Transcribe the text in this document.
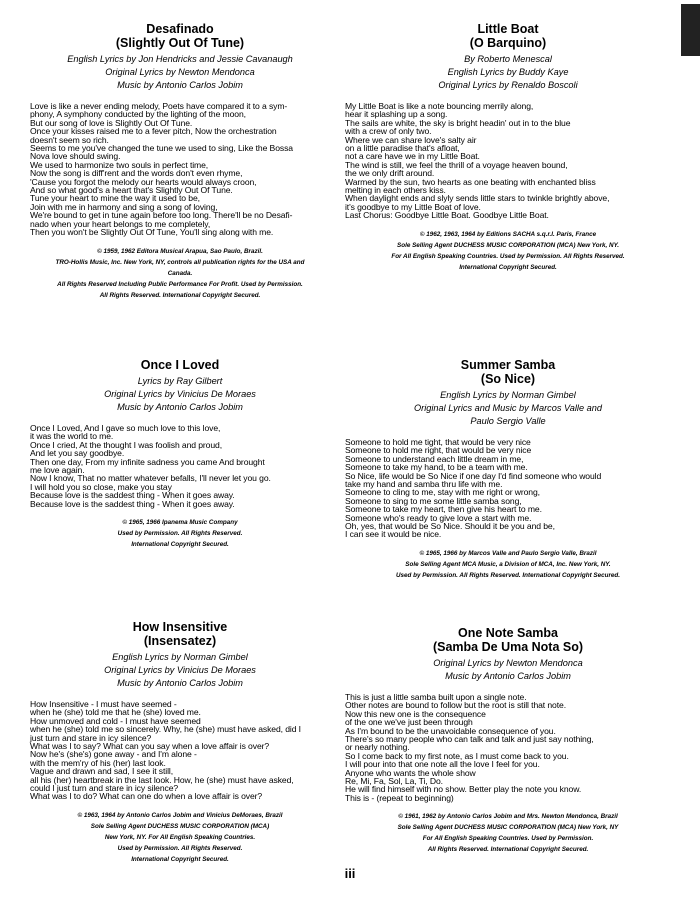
Desafinado
(Slightly Out Of Tune)
English Lyrics by Jon Hendricks and Jessie Cavanaugh
Original Lyrics by Newton Mendonca
Music by Antonio Carlos Jobim
Love is like a never ending melody, Poets have compared it to a sym-
phony, A symphony conducted by the lighting of the moon,
But our song of love is Slightly Out Of Tune.
Once your kisses raised me to a fever pitch, Now the orchestration
doesn't seem so rich.
Seems to me you've changed the tune we used to sing, Like the Bossa
Nova love should swing.
We used to harmonize two souls in perfect time,
Now the song is diff'rent and the words don't even rhyme,
'Cause you forgot the melody our hearts would always croon,
And so what good's a heart that's Slightly Out Of Tune.
Tune your heart to mine the way it used to be,
Join with me in harmony and sing a song of loving,
We're bound to get in tune again before too long. There'll be no Desafi-
nado when your heart belongs to me completely,
Then you won't be Slightly Out Of Tune, You'll sing along with me.
© 1959, 1962 Editora Musical Arapua, Sao Paulo, Brazil.
TRO-Hollis Music, Inc. New York, NY, controls all publication rights for the USA and
Canada.
All Rights Reserved Including Public Performance For Profit. Used by Permission.
All Rights Reserved. International Copyright Secured.
Little Boat
(O Barquino)
By Roberto Menescal
English Lyrics by Buddy Kaye
Original Lyrics by Renaldo Boscoli
My Little Boat is like a note bouncing merrily along,
hear it splashing up a song.
The sails are white, the sky is bright headin' out in to the blue
with a crew of only two.
Where we can share love's salty air
on a little paradise that's afloat,
not a care have we in my Little Boat.
The wind is still, we feel the thrill of a voyage heaven bound,
the we only drift around.
Warmed by the sun, two hearts as one beating with enchanted bliss
melting in each others kiss.
When daylight ends and slyly sends little stars to twinkle brightly above,
it's goodbye to my Little Boat of love.
Last Chorus: Goodbye Little Boat. Goodbye Little Boat.
© 1962, 1963, 1964 by Editions SACHA s.q.r.l. Paris, France
Sole Selling Agent DUCHESS MUSIC CORPORATION (MCA) New York, NY.
For All English Speaking Countries. Used by Permission. All Rights Reserved.
International Copyright Secured.
Once I Loved
Lyrics by Ray Gilbert
Original Lyrics by Vinicius De Moraes
Music by Antonio Carlos Jobim
Once I Loved, And I gave so much love to this love,
it was the world to me.
Once I cried, At the thought I was foolish and proud,
And let you say goodbye.
Then one day, From my infinite sadness you came And brought
me love again.
Now I know, That no matter whatever befalls, I'll never let you go.
I will hold you so close, make you stay
Because love is the saddest thing - When it goes away.
Because love is the saddest thing - When it goes away.
© 1965, 1966 Ipanema Music Company
Used by Permission. All Rights Reserved.
International Copyright Secured.
Summer Samba
(So Nice)
English Lyrics by Norman Gimbel
Original Lyrics and Music by Marcos Valle and
Paulo Sergio Valle
Someone to hold me tight, that would be very nice
Someone to hold me right, that would be very nice
Someone to understand each little dream in me,
Someone to take my hand, to be a team with me.
So Nice, life would be So Nice if one day I'd find someone who would
take my hand and samba thru life with me.
Someone to cling to me, stay with me right or wrong,
Someone to sing to me some little samba song,
Someone to take my heart, then give his heart to me.
Someone who's ready to give love a start with me.
Oh, yes, that would be So Nice. Should it be you and be,
I can see it would be nice.
© 1965, 1966 by Marcos Valle and Paulo Sergio Valle, Brazil
Sole Selling Agent MCA Music, a Division of MCA, Inc. New York, NY.
Used by Permission. All Rights Reserved. International Copyright Secured.
How Insensitive
(Insensatez)
English Lyrics by Norman Gimbel
Original Lyrics by Vinicius De Moraes
Music by Antonio Carlos Jobim
How Insensitive - I must have seemed -
when he (she) told me that he (she) loved me.
How unmoved and cold - I must have seemed
when he (she) told me so sincerely. Why, he (she) must have asked, did I
just turn and stare in icy silence?
What was I to say? What can you say when a love affair is over?
Now he's (she's) gone away - and I'm alone -
with the mem'ry of his (her) last look.
Vague and drawn and sad, I see it still,
all his (her) heartbreak in the last look. How, he (she) must have asked,
could I just turn and stare in icy silence?
What was I to do? What can one do when a love affair is over?
© 1963, 1964 by Antonio Carlos Jobim and Vinicius DeMoraes, Brazil
Sole Selling Agent DUCHESS MUSIC CORPORATION (MCA)
New York, NY. For All English Speaking Countries.
Used by Permission. All Rights Reserved.
International Copyright Secured.
One Note Samba
(Samba De Uma Nota So)
Original Lyrics by Newton Mendonca
Music by Antonio Carlos Jobim
This is just a little samba built upon a single note.
Other notes are bound to follow but the root is still that note.
Now this new one is the consequence
of the one we've just been through
As I'm bound to be the unavoidable consequence of you.
There's so many people who can talk and talk and just say nothing,
or nearly nothing.
So I come back to my first note, as I must come back to you.
I will pour into that one note all the love I feel for you.
Anyone who wants the whole show
Re, Mi, Fa, Sol, La, Ti, Do.
He will find himself with no show. Better play the note you know.
This is - (repeat to beginning)
© 1961, 1962 by Antonio Carlos Jobim and Mrs. Newton Mendonca, Brazil
Sole Selling Agent DUCHESS MUSIC CORPORATION (MCA) New York, NY
For All English Speaking Countries. Used by Permission.
All Rights Reserved. International Copyright Secured.
iii
